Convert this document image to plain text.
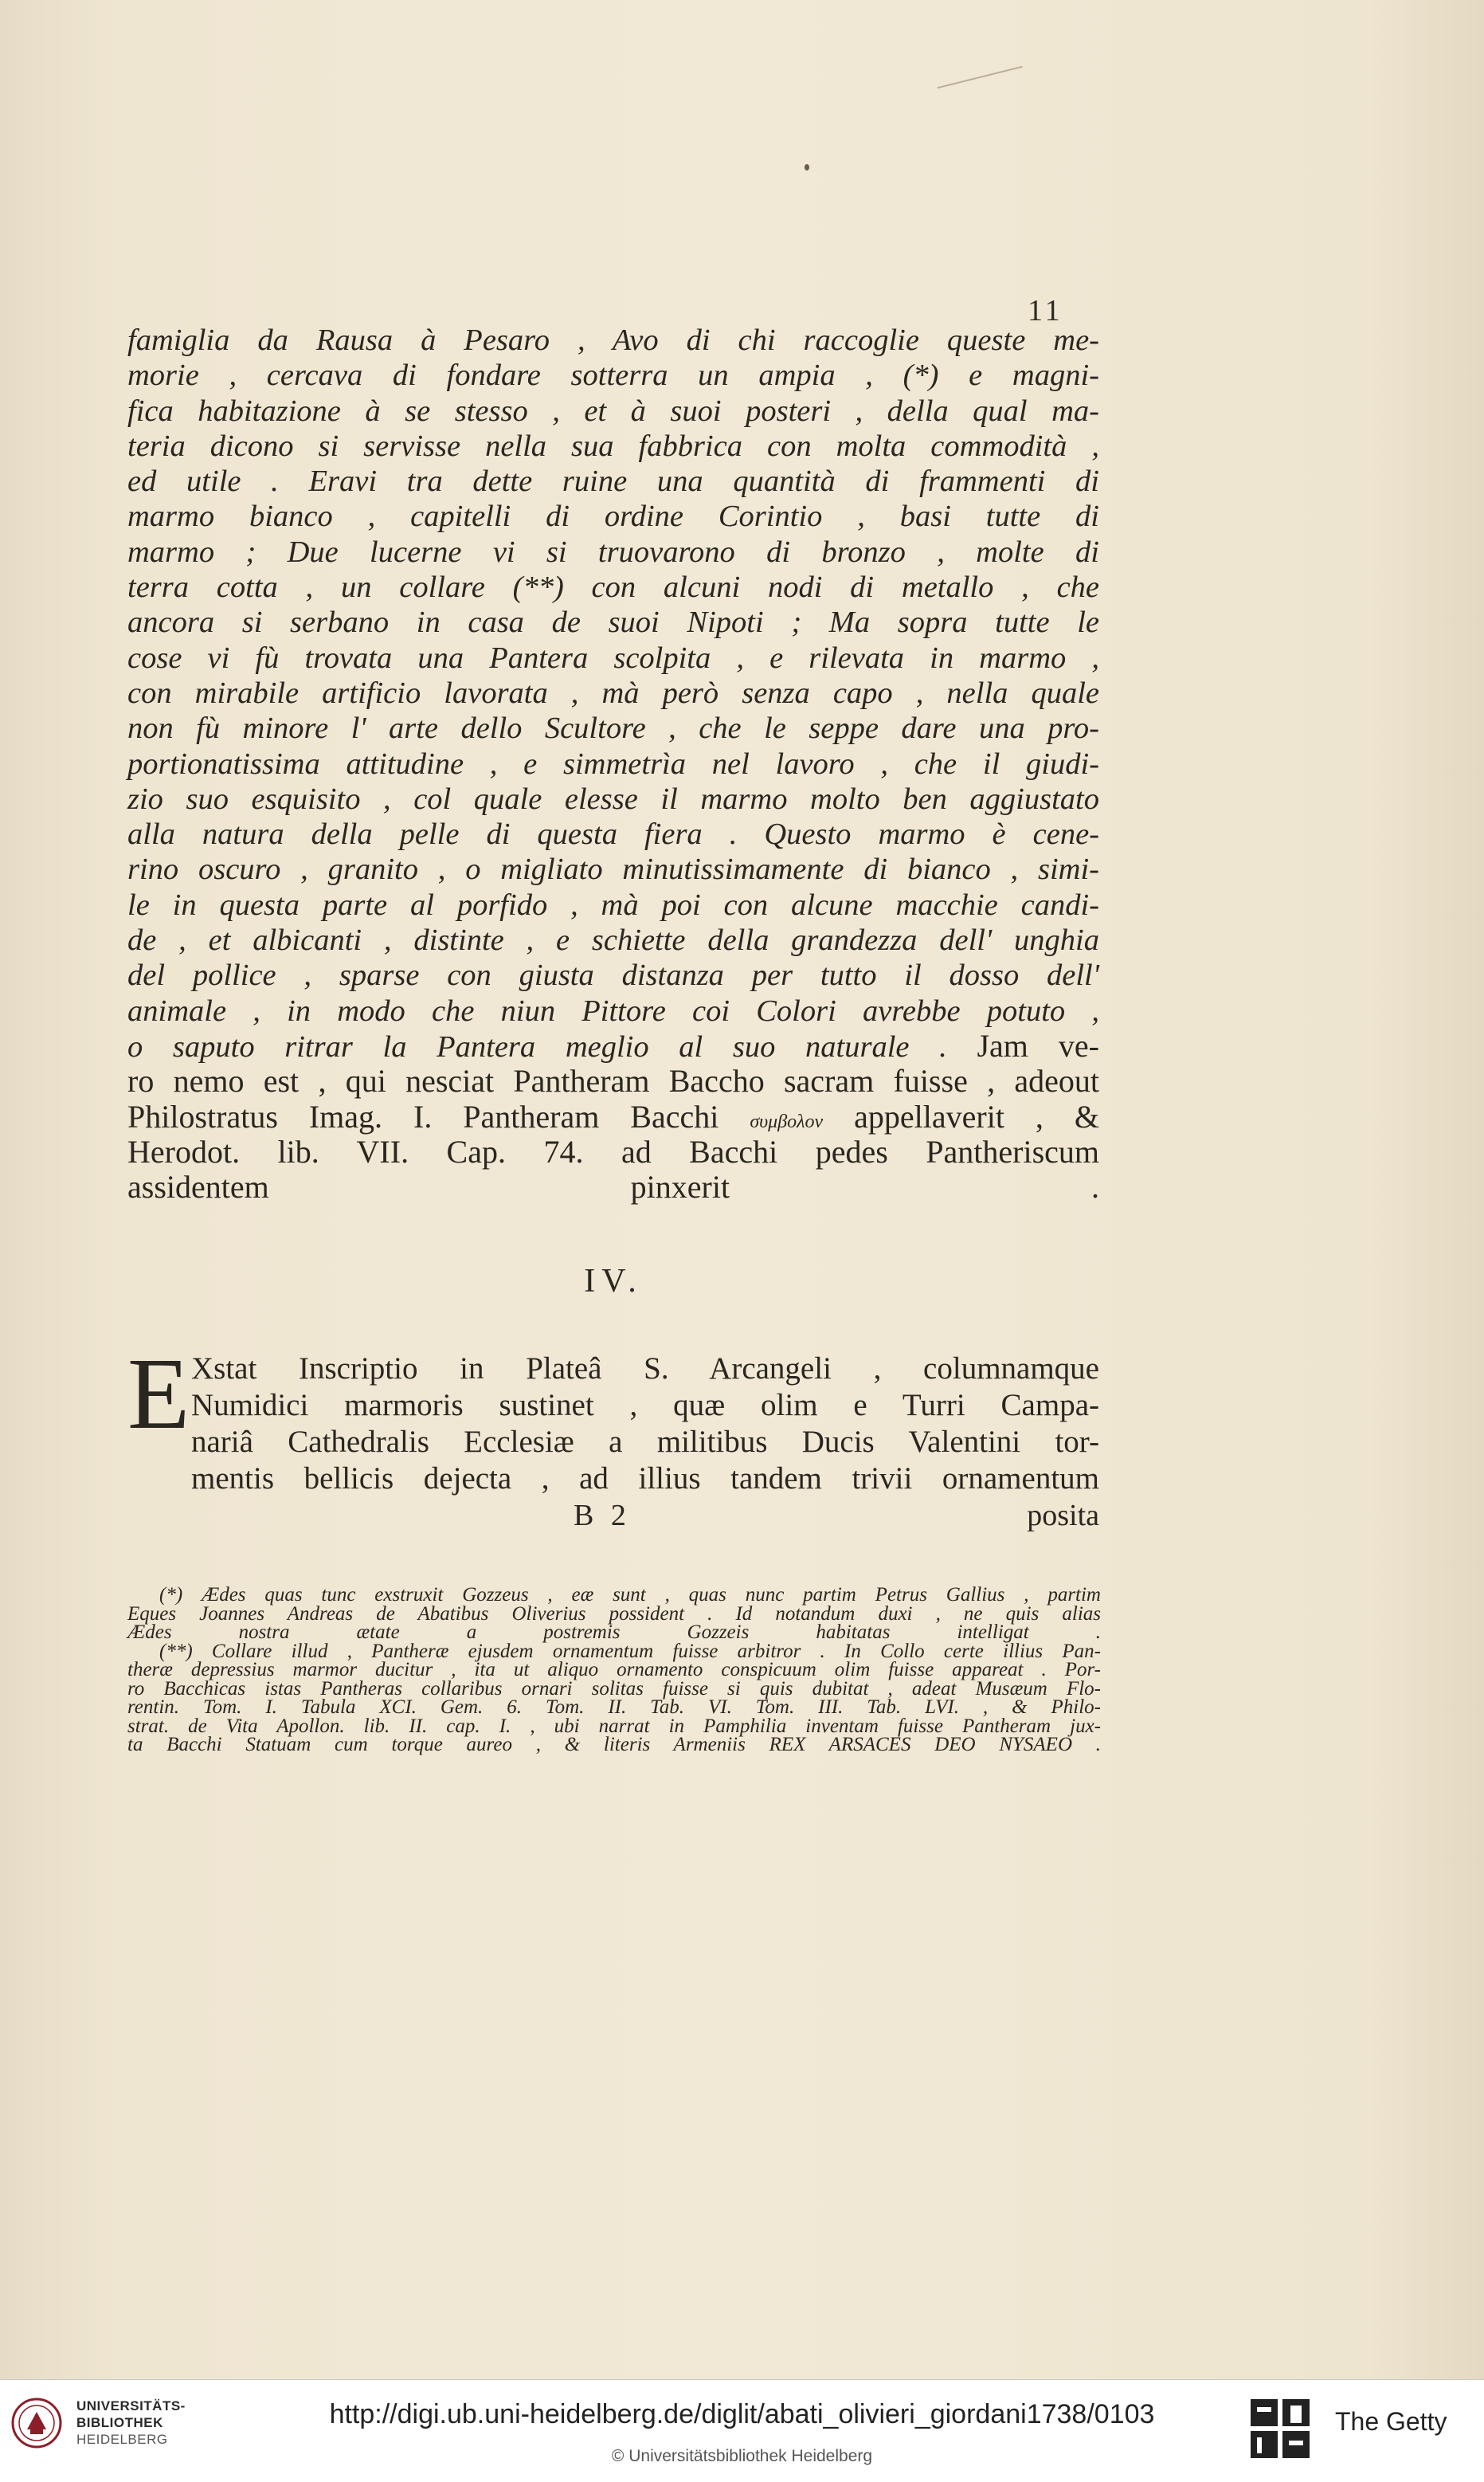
11
famiglia da Rausa à Pesaro , Avo di chi raccoglie queste me-
morie , cercava di fondare sotterra un ampia , (*) e magni-
fica habitazione à se stesso , et à suoi posteri , della qual ma-
teria dicono si servisse nella sua fabbrica con molta commodità ,
ed utile . Eravi tra dette ruine una quantità di frammenti di
marmo bianco , capitelli di ordine Corintio , basi tutte di
marmo ; Due lucerne vi si truovarono di bronzo , molte di
terra cotta , un collare (**) con alcuni nodi di metallo , che
ancora si serbano in casa de suoi Nipoti ; Ma sopra tutte le
cose vi fù trovata una Pantera scolpita , e rilevata in marmo ,
con mirabile artificio lavorata , mà però senza capo , nella quale
non fù minore l' arte dello Scultore , che le seppe dare una pro-
portionatissima attitudine , e simmetrìa nel lavoro , che il giudi-
zio suo esquisito , col quale elesse il marmo molto ben aggiustato
alla natura della pelle di questa fiera . Questo marmo è cene-
rino oscuro , granito , o migliato minutissimamente di bianco , simi-
le in questa parte al porfido , mà poi con alcune macchie candi-
de , et albicanti , distinte , e schiette della grandezza dell' unghia
del pollice , sparse con giusta distanza per tutto il dosso dell'
animale , in modo che niun Pittore coi Colori avrebbe potuto ,
o saputo ritrar la Pantera meglio al suo naturale . Jam ve-
ro nemo est , qui nesciat Pantheram Baccho sacram fuisse , adeout
Philostratus Imag. I. Pantheram Bacchi συμβολον appellaverit , &
Herodot. lib. VII. Cap. 74. ad Bacchi pedes Pantheriscum
assidentem pinxerit .
IV.
E Xstat Inscriptio in Plateâ S. Arcangeli , columnamque
Numidici marmoris sustinet , quæ olim e Turri Campa-
nariâ Cathedralis Ecclesiæ a militibus Ducis Valentini tor-
mentis bellicis dejecta , ad illius tandem trivii ornamentum
B 2	posita
(*) Ædes quas tunc exstruxit Gozzeus , eæ sunt , quas nunc partim Petrus Gallius , partim
Eques Joannes Andreas de Abatibus Oliverius possident . Id notandum duxi , ne quis alias
Ædes nostra ætate a postremis Gozzeis habitatas intelligat .
(**) Collare illud , Pantheræ ejusdem ornamentum fuisse arbitror . In Collo certe illius Pan-
theræ depressius marmor ducitur , ita ut aliquo ornamento conspicuum olim fuisse appareat . Por-
ro Bacchicas istas Pantheras collaribus ornari solitas fuisse si quis dubitat , adeat Musæum Flo-
rentin. Tom. I. Tabula XCI. Gem. 6. Tom. II. Tab. VI. Tom. III. Tab. LVI. , & Philo-
strat. de Vita Apollon. lib. II. cap. I. , ubi narrat in Pamphilia inventam fuisse Pantheram jux-
ta Bacchi Statuam cum torque aureo , & literis Armeniis REX ARSACES DEO NYSAEO .
UNIVERSITÄTS-
BIBLIOTHEK
HEIDELBERG
http://digi.ub.uni-heidelberg.de/diglit/abati_olivieri_giordani1738/0103
© Universitätsbibliothek Heidelberg
The Getty
